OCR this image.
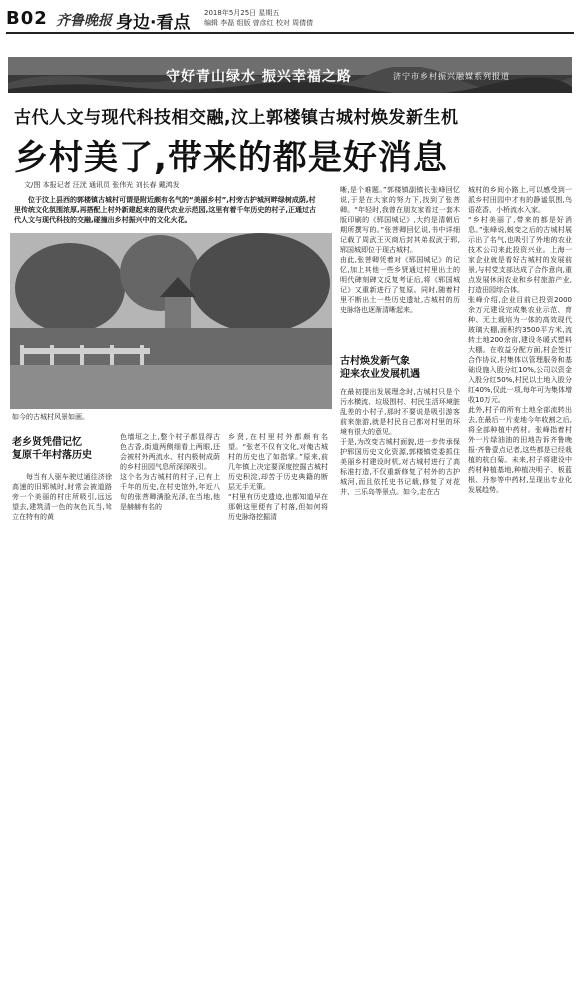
B02 齐鲁晚报 身边·看点 2018年5月25日 星期五
编辑 李磊 组版 曾彦红 校对 周倩倩
守好青山绿水 振兴幸福之路	济宁市乡村振兴融媒系列报道
古代人文与现代科技相交融,汶上郭楼镇古城村焕发新生机
乡村美了,带来的都是好消息
文/图 本报记者 汪洸 通讯员 张伟光 刘长春 戴鸿发

位于汶上县西的郭楼镇古城村可谓是附近颇有名气的“美丽乡村”,村旁古护城河畔绿树成荫,村里传统文化氛围浓厚,再搭配上村外新建起来的现代农业示范园,这里有着千年历史的村子,正通过古代人文与现代科技的交融,碰撞出乡村振兴中的文化火花。

如今的古城村风景如画。
老乡贤凭借记忆
复原千年村落历史
每当有人驱车驶过通往济徐高速的旧郓城时,时常会被道路旁一个美丽的村庄所吸引,远远望去,建筑清一色的灰色瓦当,耸立在特有的黄
色墙垣之上,整个村子都显得古色古香,街道两侧细看上两眼,还会被村外两流水、村内极树成荫的乡村田园气息所深深吸引。
这个名为古城村的村子,已有上千年的历史,在村史馆外,年近八旬的张菩卿满脸光泽,在当地,他是赫赫有名的
乡贤,在村里村外都颇有名望。“张老不仅有文化,对俺古城村的历史也了如指掌。”原来,前几年镇上决定要深度挖掘古城村历史积淀,却苦于历史典籍的断层无手无策。
“村里有历史遗迹,也都知道早在那朝这里便有了村落,但如何将历史脉络挖掘清
晰,是个难题。”郭楼镇副镇长张峰回忆说,于是在大家的努力下,找到了张菩卿。“年轻时,我曾在朋友家看过一套木版印刷的《郓国城记》,大约是清朝后期所撰写的。”张菩卿回忆说,书中详细记载了周武王灭商后封其弟叔武于郓,郓国城即位于现古城村。
由此,张菩卿凭着对《郓国城记》的记忆,加上其他一些乡贤通过村里出土的明代碑刻碑文反复考证后,将《郓国城记》又重新进行了复原。同时,随着村里不断出土一些历史遗址,古城村的历史脉络也逐渐清晰起来。
古村焕发新气象
迎来农业发展机遇
在最初提出发展理念时,古城村只是个污水横流、垃圾围村、村民生活环境脏乱差的小村子,那时不要说是吸引游客前来旅游,就是村民自己都对村里的环境有很大的意见。
于是,为改变古城村面貌,进一步传承保护郓国历史文化资源,郭楼镇党委抓住美丽乡村建设时机,对古城村进行了高标准打造,不仅重新修复了村外的古护城河,而且依托史书记载,修复了对花井、三乐岛等景点。如今,走在古
城村的乡间小路上,可以感受到一派乡村田园中才有的静谧氛围,鸟语花香、小桥流水入家。
“乡村美丽了,带来的都是好消息。”张峰说,蜕变之后的古城村展示出了名气,也吸引了外地的农业技术公司来此投资兴业。上海一家企业就是看好古城村的发展前景,与村党支部达成了合作意向,重点发展休闲农业和乡村旅游产业,打造田园综合体。
张峰介绍,企业目前已投资2000余万元建设完成集农业示范、育种、无土栽培为一体的高效现代玻璃大棚,面积约3500平方米,流转土地200余亩,建设冬暖式塑料大棚。在收益分配方面,村企签订合作协议,村集体以管理服务和基础设施入股分红10%,公司以资金入股分红50%,村民以土地入股分红40%,仅此一项,每年可为集体增收10万元。
此外,村子的所有土地全部流转出去,在最后一片麦地今年收割之后,将全部种植中药材。张峰指着村外一片绿油油的田地告诉齐鲁晚报·齐鲁壹点记者,这些都是已经栽植的杭白菊。未来,村子将建设中药材种植基地,种植决明子、板蓝根、丹参等中药材,呈现出专业化发展趋势。
